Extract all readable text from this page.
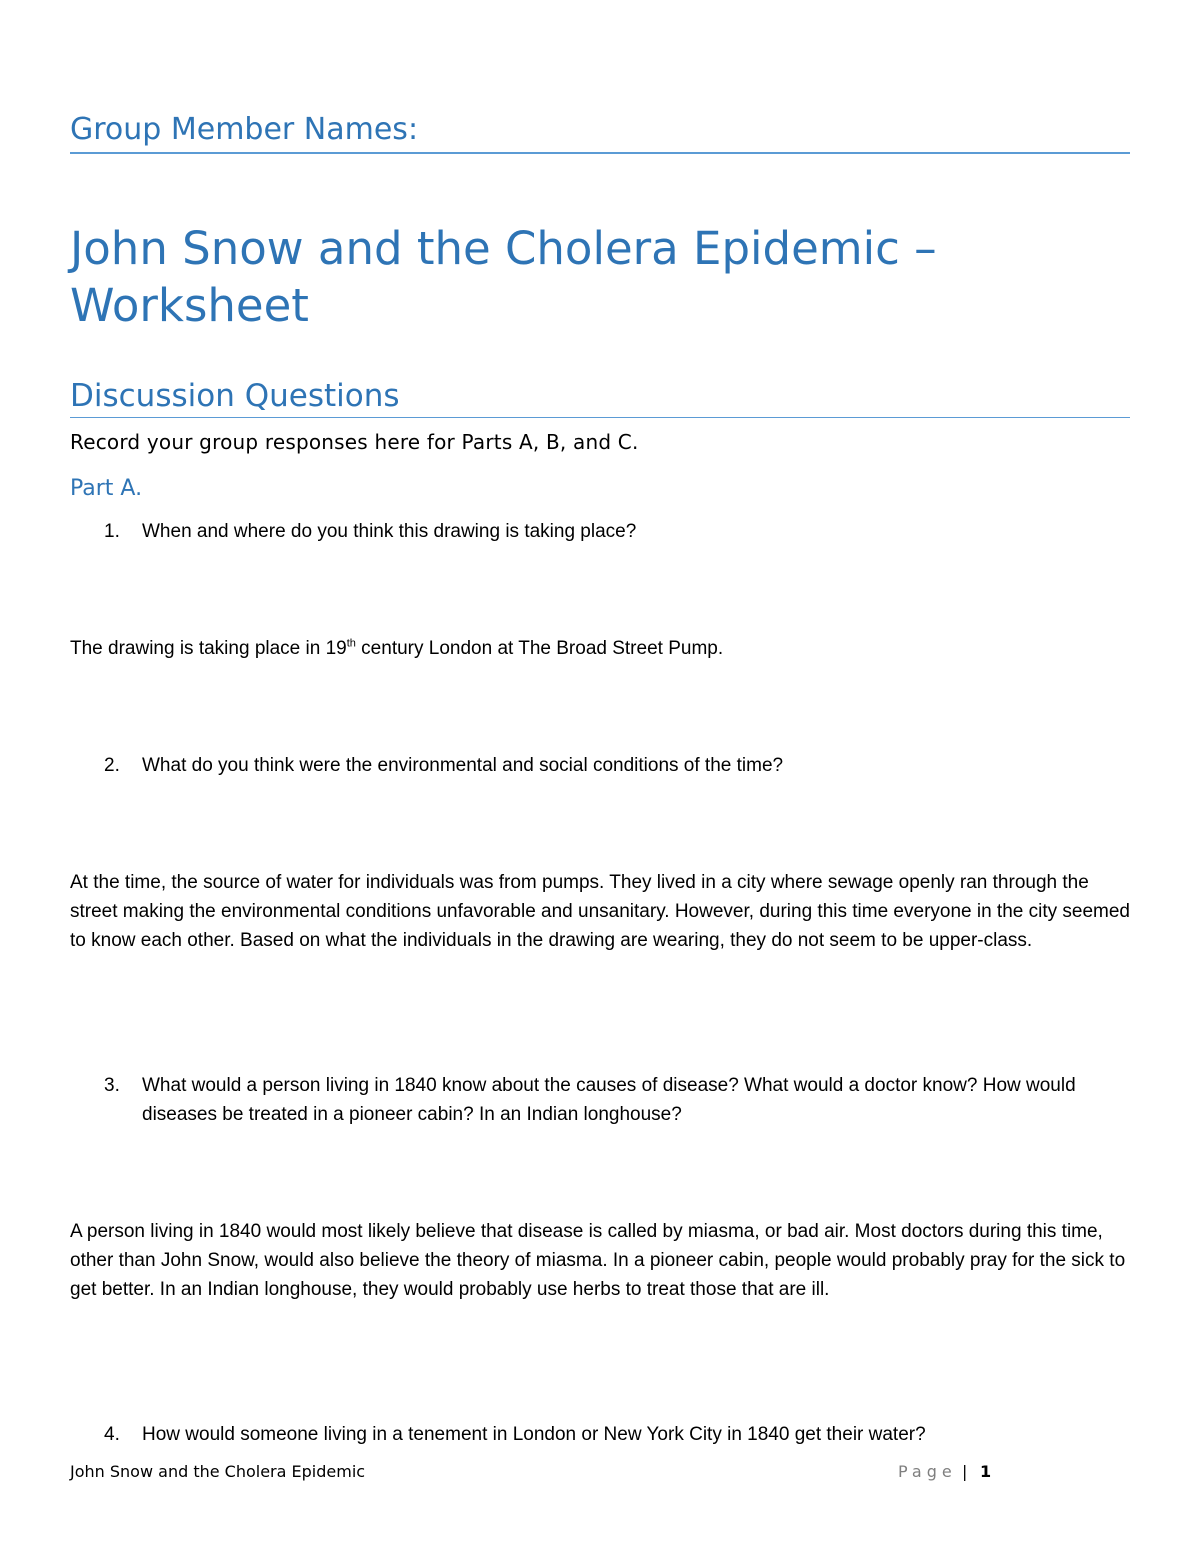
Group Member Names:
John Snow and the Cholera Epidemic –
Worksheet
Discussion Questions

Record your group responses here for Parts A, B, and C.

Part A.
1. When and where do you think this drawing is taking place?

The drawing is taking place in 19th century London at The Broad Street Pump.

2. What do you think were the environmental and social conditions of the time?

At the time, the source of water for individuals was from pumps. They lived in a city where sewage openly ran through the street making the environmental conditions unfavorable and unsanitary. However, during this time everyone in the city seemed to know each other. Based on what the individuals in the drawing are wearing, they do not seem to be upper-class.

3. What would a person living in 1840 know about the causes of disease? What would a doctor know? How would diseases be treated in a pioneer cabin? In an Indian longhouse?

A person living in 1840 would most likely believe that disease is called by miasma, or bad air. Most doctors during this time, other than John Snow, would also believe the theory of miasma. In a pioneer cabin, people would probably pray for the sick to get better. In an Indian longhouse, they would probably use herbs to treat those that are ill.

4. How would someone living in a tenement in London or New York City in 1840 get their water?
John Snow and the Cholera Epidemic	Page | 1
